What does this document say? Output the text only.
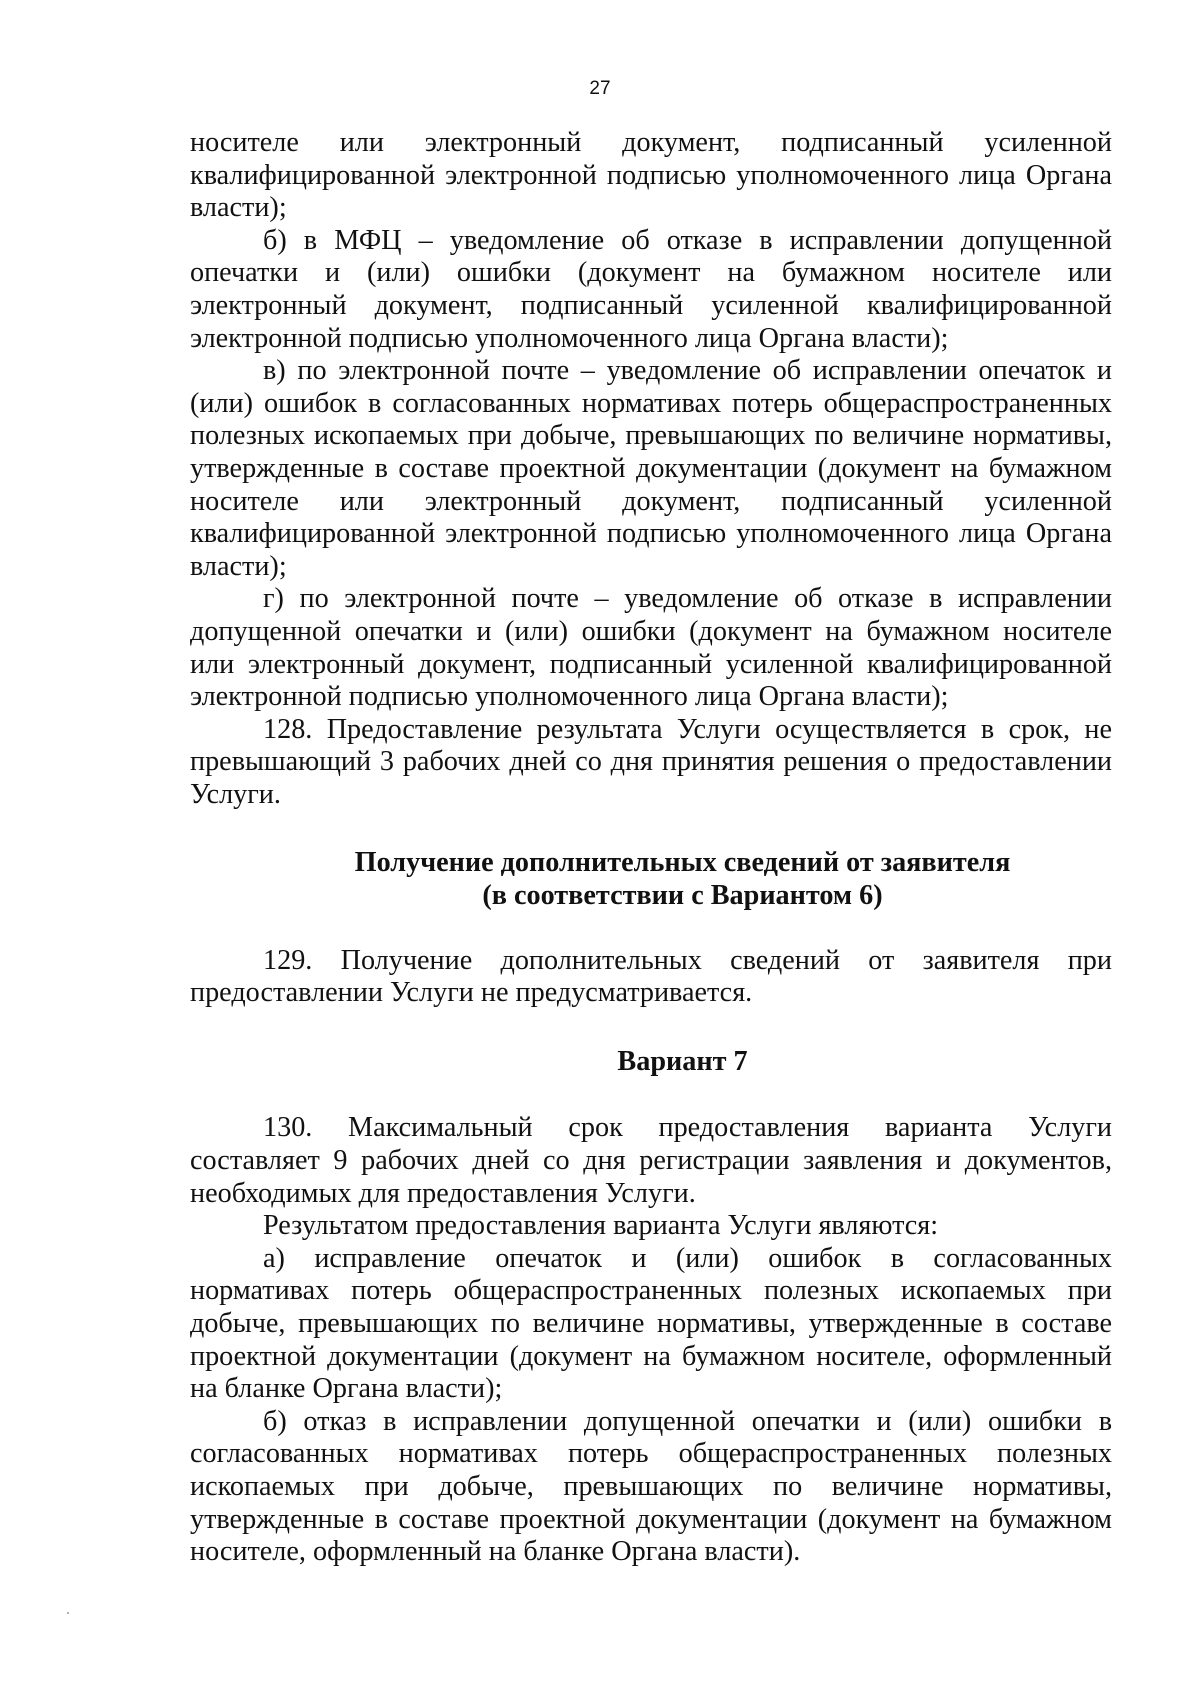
27
носителе или электронный документ, подписанный усиленной
квалифицированной электронной подписью уполномоченного лица Органа
власти);
б) в МФЦ – уведомление об отказе в исправлении допущенной
опечатки и (или) ошибки (документ на бумажном носителе или
электронный документ, подписанный усиленной квалифицированной
электронной подписью уполномоченного лица Органа власти);
в) по электронной почте – уведомление об исправлении опечаток и
(или) ошибок в согласованных нормативах потерь общераспространенных
полезных ископаемых при добыче, превышающих по величине нормативы,
утвержденные в составе проектной документации (документ на бумажном
носителе или электронный документ, подписанный усиленной
квалифицированной электронной подписью уполномоченного лица Органа
власти);
г) по электронной почте – уведомление об отказе в исправлении
допущенной опечатки и (или) ошибки (документ на бумажном носителе
или электронный документ, подписанный усиленной квалифицированной
электронной подписью уполномоченного лица Органа власти);
128. Предоставление результата Услуги осуществляется в срок, не
превышающий 3 рабочих дней со дня принятия решения о предоставлении
Услуги.
Получение дополнительных сведений от заявителя
(в соответствии с Вариантом 6)
129. Получение дополнительных сведений от заявителя при
предоставлении Услуги не предусматривается.
Вариант 7
130. Максимальный срок предоставления варианта Услуги
составляет 9 рабочих дней со дня регистрации заявления и документов,
необходимых для предоставления Услуги.
Результатом предоставления варианта Услуги являются:
а) исправление опечаток и (или) ошибок в согласованных
нормативах потерь общераспространенных полезных ископаемых при
добыче, превышающих по величине нормативы, утвержденные в составе
проектной документации (документ на бумажном носителе, оформленный
на бланке Органа власти);
б) отказ в исправлении допущенной опечатки и (или) ошибки в
согласованных нормативах потерь общераспространенных полезных
ископаемых при добыче, превышающих по величине нормативы,
утвержденные в составе проектной документации (документ на бумажном
носителе, оформленный на бланке Органа власти).
